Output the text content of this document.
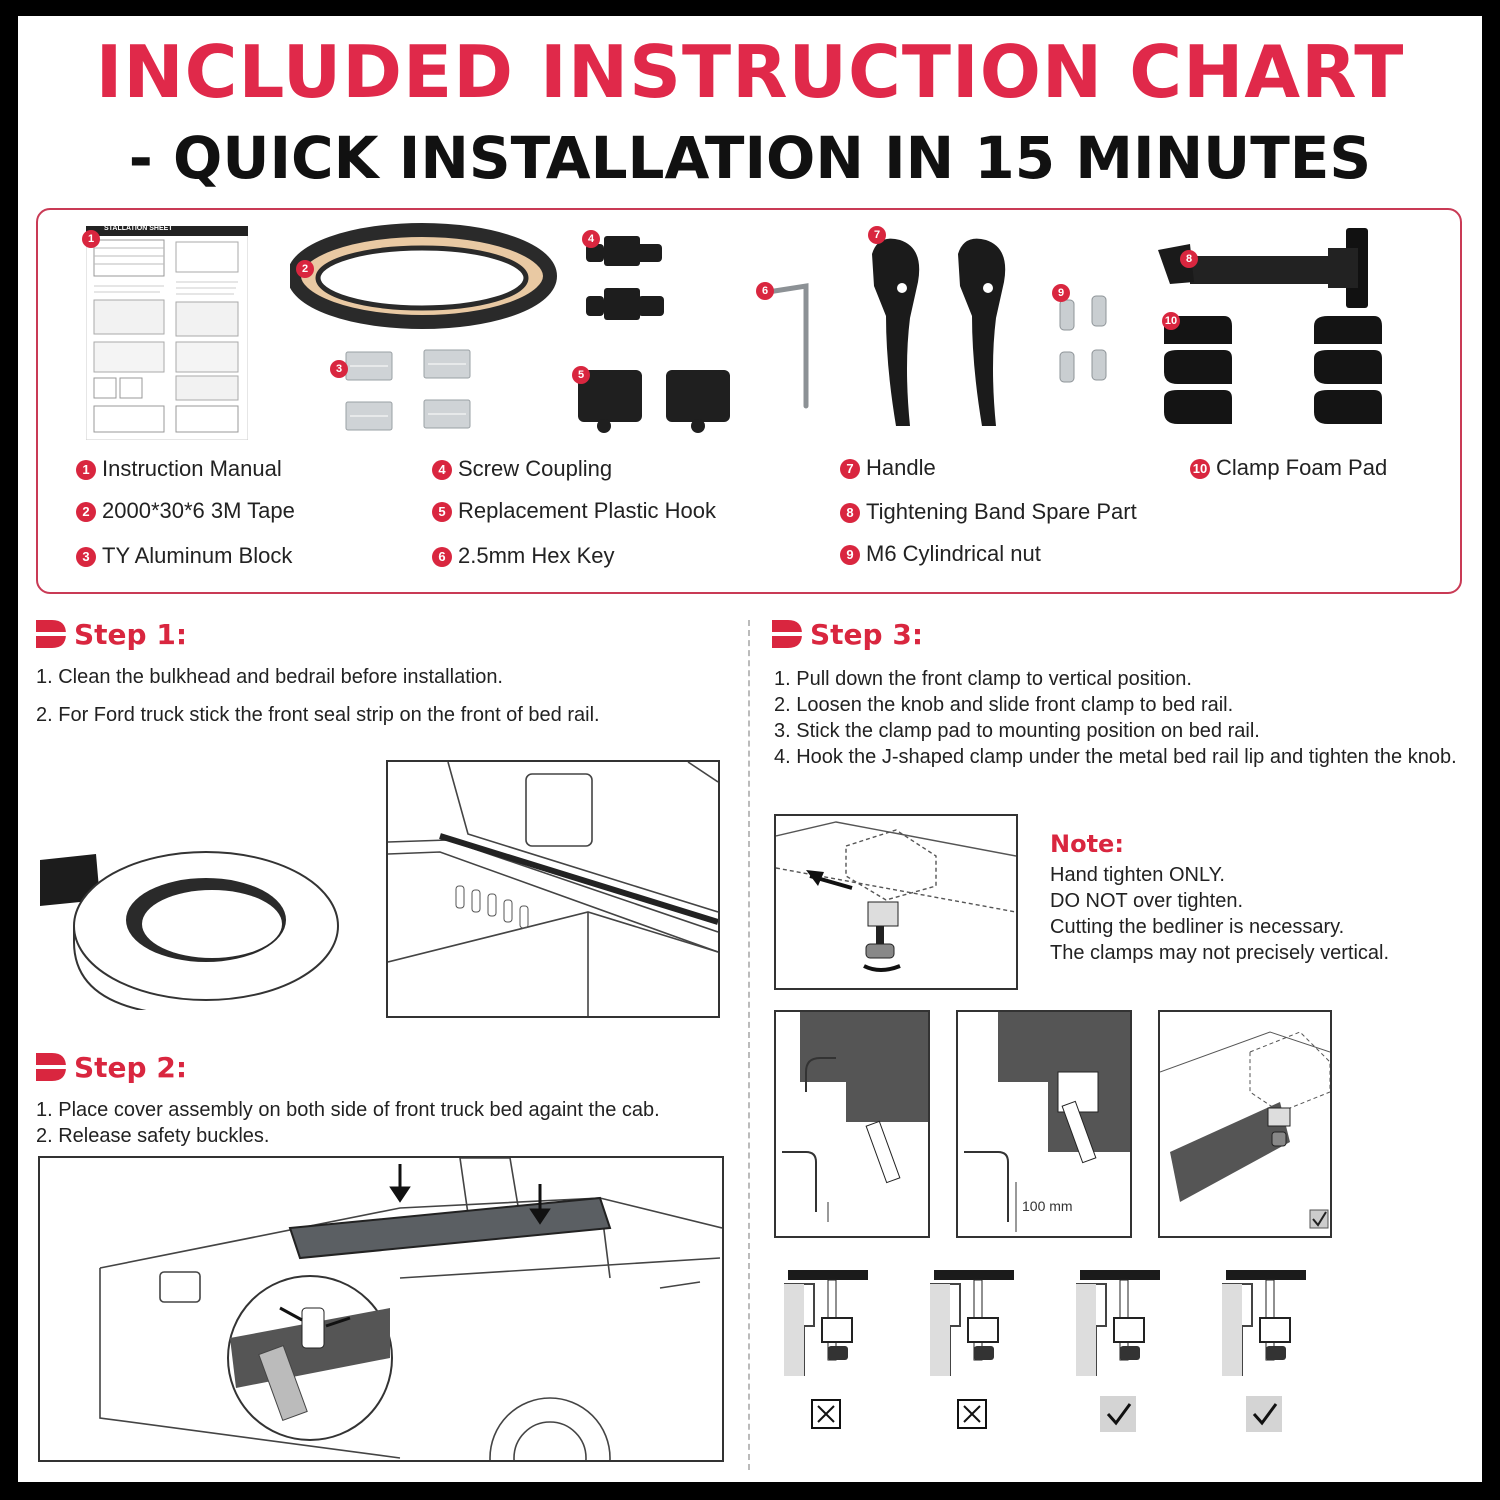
INCLUDED INSTRUCTION CHART
- QUICK INSTALLATION IN 15 MINUTES
STALLATION SHEET
1
2
3
4
5
6
7
9
8
10
1 Instruction Manual
2 2000*30*6 3M Tape
3 TY Aluminum Block
4 Screw Coupling
5 Replacement Plastic Hook
6 2.5mm Hex Key
7 Handle
8 Tightening Band Spare Part
9 M6 Cylindrical nut
10 Clamp Foam Pad
Step 1:
1. Clean the bulkhead and bedrail before installation.
2. For Ford truck stick the front seal strip on the front of bed rail.
Step 2:
1. Place cover assembly on both side of front truck bed againt the cab.
2. Release safety buckles.
Step 3:
1. Pull down the front clamp to vertical position.
2. Loosen the knob and slide front clamp to bed rail.
3. Stick the clamp pad to mounting position on bed rail.
4. Hook the J-shaped clamp under the metal bed rail lip and tighten the knob.
Note:
Hand tighten ONLY.
DO NOT over tighten.
Cutting the bedliner is necessary.
The clamps may not precisely vertical.
100 mm
